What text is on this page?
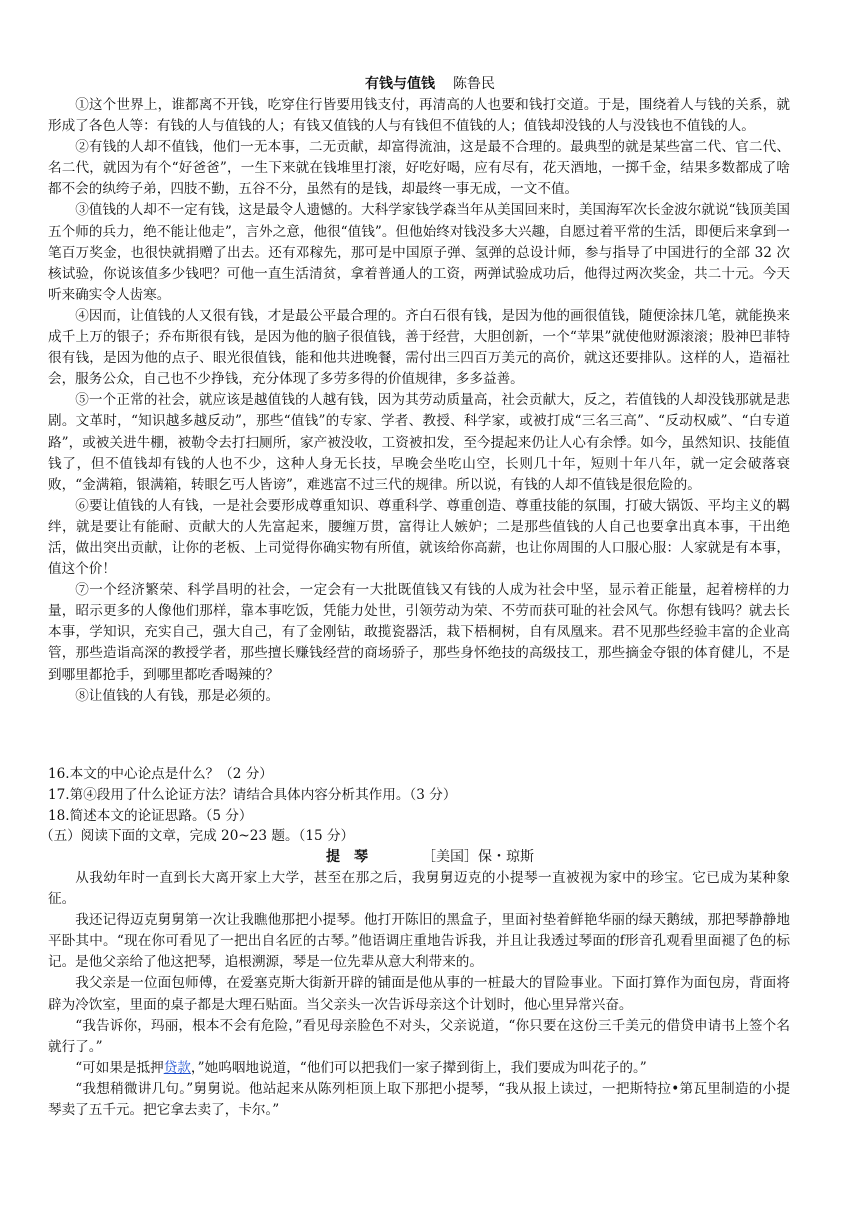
有钱与值钱 陈鲁民

①这个世界上，谁都离不开钱，吃穿住行皆要用钱支付，再清高的人也要和钱打交道。于是，围绕着人与钱的关系，就形成了各色人等：有钱的人与值钱的人；有钱又值钱的人与有钱但不值钱的人；值钱却没钱的人与没钱也不值钱的人。

②有钱的人却不值钱，他们一无本事，二无贡献，却富得流油，这是最不合理的。最典型的就是某些富二代、官二代、名二代，就因为有个“好爸爸”，一生下来就在钱堆里打滚，好吃好喝，应有尽有，花天酒地，一掷千金，结果多数都成了啥都不会的纨绔子弟，四肢不勤，五谷不分，虽然有的是钱，却最终一事无成，一文不值。

③值钱的人却不一定有钱，这是最令人遗憾的。大科学家钱学森当年从美国回来时，美国海军次长金波尔就说“钱顶美国五个师的兵力，绝不能让他走”，言外之意，他很“值钱”。但他始终对钱没多大兴趣，自愿过着平常的生活，即便后来拿到一笔百万奖金，也很快就捐赠了出去。还有邓稼先，那可是中国原子弹、氢弹的总设计师，参与指导了中国进行的全部 32 次核试验，你说该值多少钱吧？可他一直生活清贫，拿着普通人的工资，两弹试验成功后，他得过两次奖金，共二十元。今天听来确实令人齿寒。

④因而，让值钱的人又很有钱，才是最公平最合理的。齐白石很有钱，是因为他的画很值钱，随便涂抹几笔，就能换来成千上万的银子；乔布斯很有钱，是因为他的脑子很值钱，善于经营，大胆创新，一个“苹果”就使他财源滚滚；股神巴菲特很有钱，是因为他的点子、眼光很值钱，能和他共进晚餐，需付出三四百万美元的高价，就这还要排队。这样的人，造福社会，服务公众，自己也不少挣钱，充分体现了多劳多得的价值规律，多多益善。

⑤一个正常的社会，就应该是越值钱的人越有钱，因为其劳动质量高，社会贡献大，反之，若值钱的人却没钱那就是悲剧。文革时，“知识越多越反动”，那些“值钱”的专家、学者、教授、科学家，或被打成“三名三高”、“反动权威”、“白专道路”，或被关进牛棚，被勒令去打扫厕所，家产被没收，工资被扣发，至今提起来仍让人心有余悸。如今，虽然知识、技能值钱了，但不值钱却有钱的人也不少，这种人身无长技，早晚会坐吃山空，长则几十年，短则十年八年，就一定会破落衰败，“金满箱，银满箱，转眼乞丐人皆谤”，难逃富不过三代的规律。所以说，有钱的人却不值钱是很危险的。

⑥要让值钱的人有钱，一是社会要形成尊重知识、尊重科学、尊重创造、尊重技能的氛围，打破大锅饭、平均主义的羁绊，就是要让有能耐、贡献大的人先富起来，腰缠万贯，富得让人嫉妒；二是那些值钱的人自己也要拿出真本事，干出绝活，做出突出贡献，让你的老板、上司觉得你确实物有所值，就该给你高薪，也让你周围的人口服心服：人家就是有本事，值这个价！

⑦一个经济繁荣、科学昌明的社会，一定会有一大批既值钱又有钱的人成为社会中坚，显示着正能量，起着榜样的力量，昭示更多的人像他们那样，靠本事吃饭，凭能力处世，引领劳动为荣、不劳而获可耻的社会风气。你想有钱吗？就去长本事，学知识，充实自己，强大自己，有了金刚钻，敢揽瓷器活，栽下梧桐树，自有凤凰来。君不见那些经验丰富的企业高管，那些造诣高深的教授学者，那些擅长赚钱经营的商场骄子，那些身怀绝技的高级技工，那些摘金夺银的体育健儿，不是到哪里都抢手，到哪里都吃香喝辣的？

⑧让值钱的人有钱，那是必须的。

16.本文的中心论点是什么？（2 分）
17.第④段用了什么论证方法？请结合具体内容分析其作用。（3 分）
18.简述本文的论证思路。（5 分）
（五）阅读下面的文章，完成 20~23 题。（15 分）
提琴	［美国］保・琼斯

从我幼年时一直到长大离开家上大学，甚至在那之后，我舅舅迈克的小提琴一直被视为家中的珍宝。它已成为某种象征。

我还记得迈克舅舅第一次让我瞧他那把小提琴。他打开陈旧的黑盒子，里面衬垫着鲜艳华丽的绿天鹅绒，那把琴静静地平卧其中。“现在你可看见了一把出自名匠的古琴。”他语调庄重地告诉我，并且让我透过琴面的f形音孔观看里面褪了色的标记。是他父亲给了他这把琴，追根溯源，琴是一位先辈从意大利带来的。

我父亲是一位面包师傅，在爱塞克斯大街新开辟的铺面是他从事的一桩最大的冒险事业。下面打算作为面包房，背面将辟为冷饮室，里面的桌子都是大理石贴面。当父亲头一次告诉母亲这个计划时，他心里异常兴奋。

“我告诉你，玛丽，根本不会有危险，”看见母亲脸色不对头，父亲说道，“你只要在这份三千美元的借贷申请书上签个名就行了。”

“可如果是抵押贷款，”她呜咽地说道，“他们可以把我们一家子撵到街上，我们要成为叫花子的。”

“我想稍微讲几句。”舅舅说。他站起来从陈列柜顶上取下那把小提琴，“我从报上读过，一把斯特拉•第瓦里制造的小提琴卖了五千元。把它拿去卖了，卡尔。”
